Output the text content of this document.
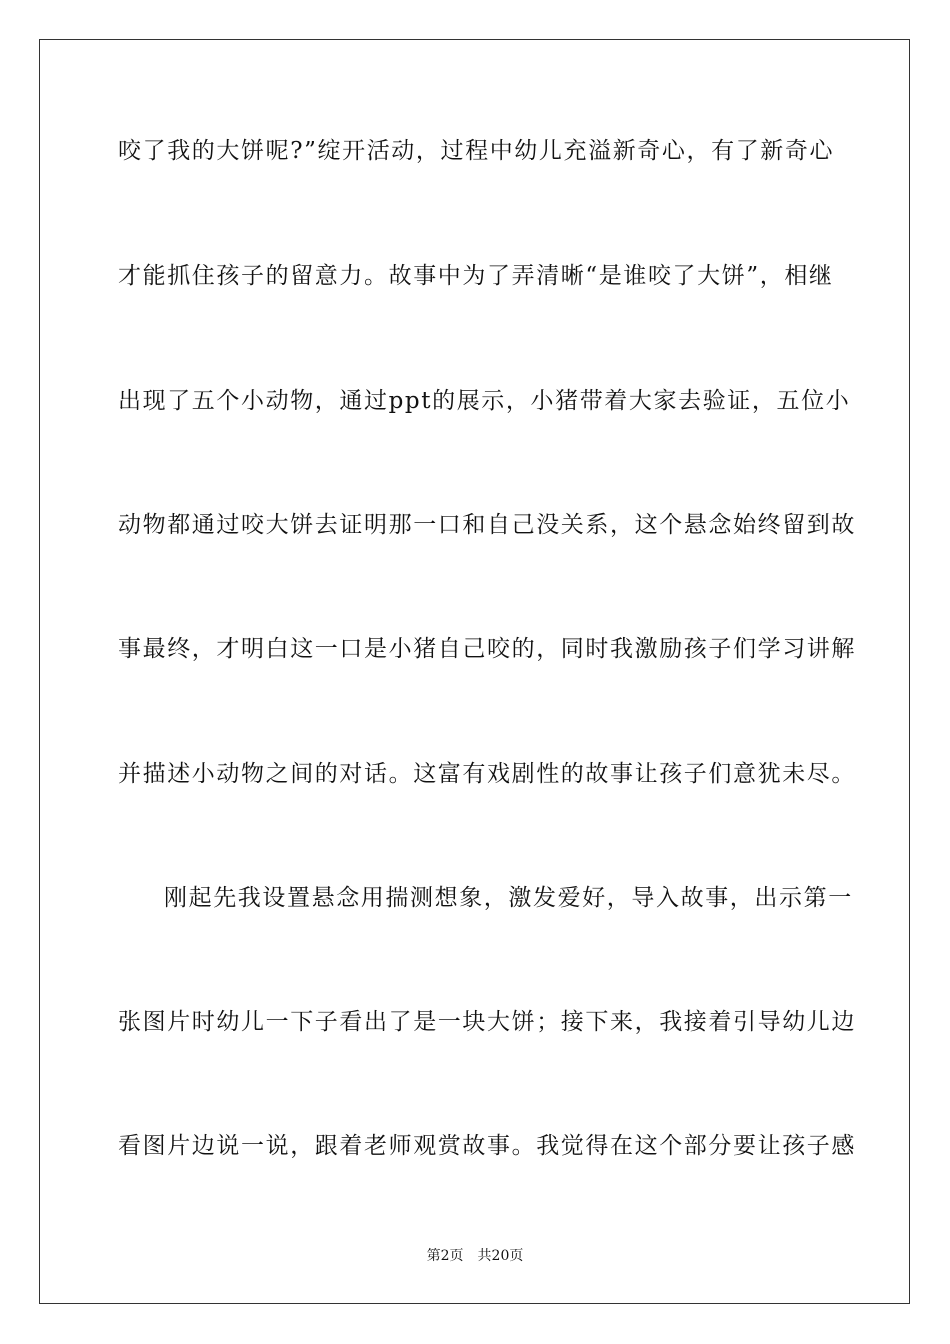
咬了我的大饼呢?”绽开活动，过程中幼儿充溢新奇心，有了新奇心
才能抓住孩子的留意力。故事中为了弄清晰“是谁咬了大饼”，相继
出现了五个小动物，通过ppt的展示，小猪带着大家去验证，五位小
动物都通过咬大饼去证明那一口和自己没关系，这个悬念始终留到故
事最终，才明白这一口是小猪自己咬的，同时我激励孩子们学习讲解
并描述小动物之间的对话。这富有戏剧性的故事让孩子们意犹未尽。
刚起先我设置悬念用揣测想象，激发爱好，导入故事，出示第一
张图片时幼儿一下子看出了是一块大饼；接下来，我接着引导幼儿边
看图片边说一说，跟着老师观赏故事。我觉得在这个部分要让孩子感
第2页　共20页
